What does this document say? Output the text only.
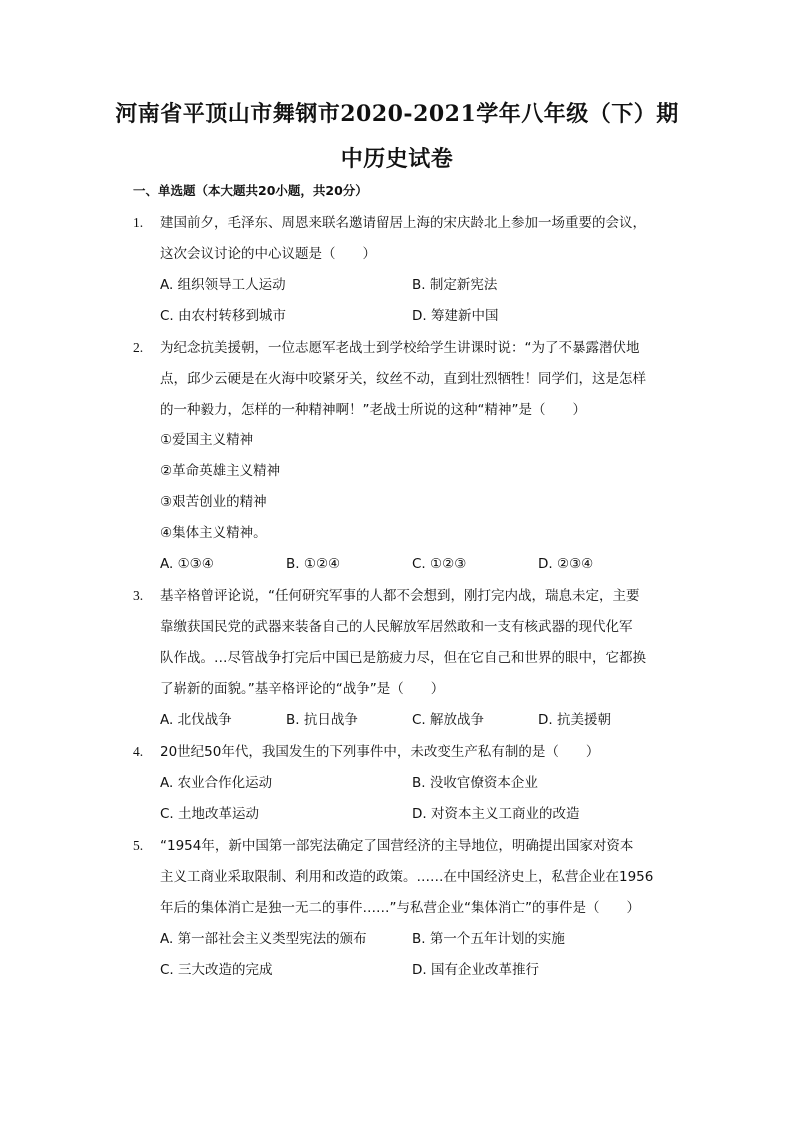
河南省平顶山市舞钢市2020-2021学年八年级（下）期
中历史试卷
一、单选题（本大题共20小题，共20分）
1. 建国前夕，毛泽东、周恩来联名邀请留居上海的宋庆龄北上参加一场重要的会议，
这次会议讨论的中心议题是（　　）
A. 组织领导工人运动	B. 制定新宪法
C. 由农村转移到城市	D. 筹建新中国
2. 为纪念抗美援朝，一位志愿军老战士到学校给学生讲课时说：“为了不暴露潜伏地
点，邱少云硬是在火海中咬紧牙关，纹丝不动，直到壮烈牺牲！同学们，这是怎样
的一种毅力，怎样的一种精神啊！”老战士所说的这种“精神”是（　　）
①爱国主义精神
②革命英雄主义精神
③艰苦创业的精神
④集体主义精神。
A. ①③④	B. ①②④	C. ①②③	D. ②③④
3. 基辛格曾评论说，“任何研究军事的人都不会想到，刚打完内战，瑞息未定，主要
靠缴获国民党的武器来装备自己的人民解放军居然敢和一支有核武器的现代化军
队作战。…尽管战争打完后中国已是筋疲力尽，但在它自己和世界的眼中，它都换
了崭新的面貌。”基辛格评论的“战争”是（　　）
A. 北伐战争	B. 抗日战争	C. 解放战争	D. 抗美援朝
4. 20世纪50年代，我国发生的下列事件中，未改变生产私有制的是（　　）
A. 农业合作化运动	B. 没收官僚资本企业
C. 土地改革运动	D. 对资本主义工商业的改造
5. “1954年，新中国第一部宪法确定了国营经济的主导地位，明确提出国家对资本
主义工商业采取限制、利用和改造的政策。……在中国经济史上，私营企业在1956
年后的集体消亡是独一无二的事件……”与私营企业“集体消亡”的事件是（　　）
A. 第一部社会主义类型宪法的颁布	B. 第一个五年计划的实施
C. 三大改造的完成	D. 国有企业改革推行
